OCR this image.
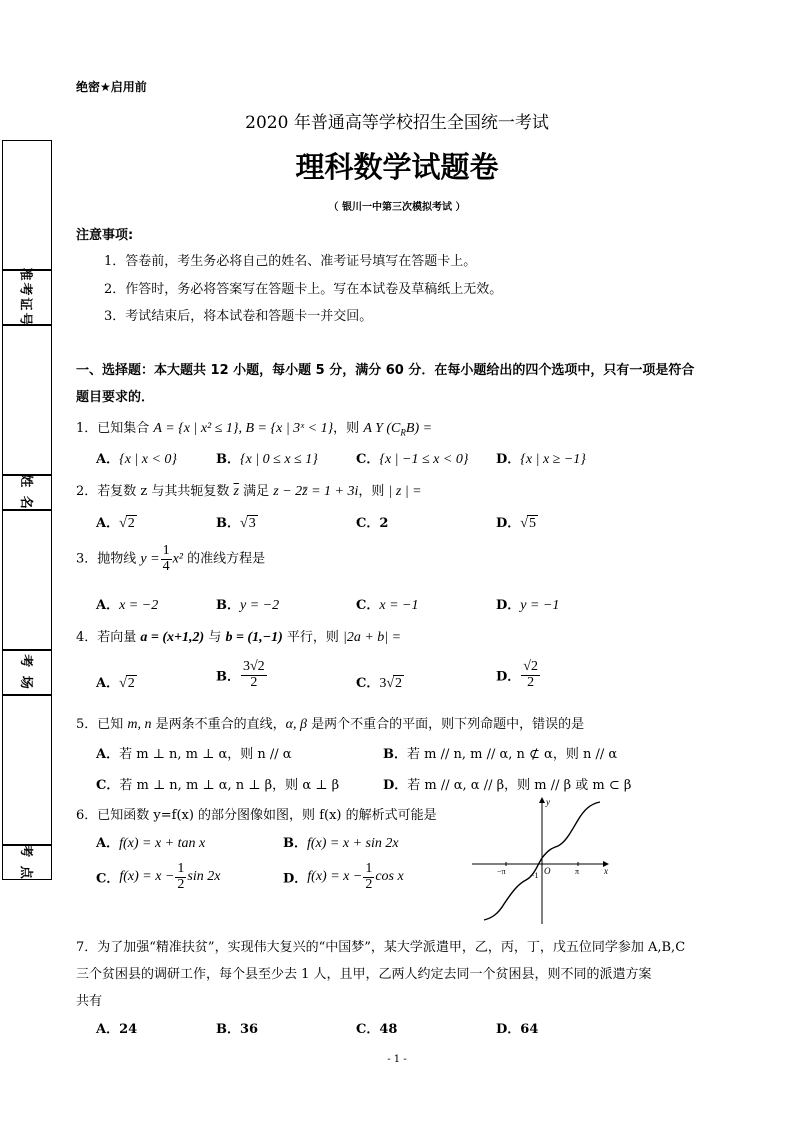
准考证号
姓 名
考 场
考 点
绝密★启用前
2020 年普通高等学校招生全国统一考试
理科数学试题卷
（ 银川一中第三次模拟考试 ）
注意事项:
1．答卷前，考生务必将自己的姓名、准考证号填写在答题卡上。
2．作答时，务必将答案写在答题卡上。写在本试卷及草稿纸上无效。
3．考试结束后，将本试卷和答题卡一并交回。
一、选择题：本大题共 12 小题，每小题 5 分，满分 60 分．在每小题给出的四个选项中，只有一项是符合
题目要求的．
1．已知集合 A = {x | x² ≤ 1}, B = {x | 3ˣ < 1}，则 A Y $(C_RB)$ =
A．{x | x < 0}	B．{x | 0 ≤ x ≤ 1}	C．{x | −1 ≤ x < 0} D．{x | x ≥ −1}
2．若复数 z 与其共轭复数 $\overline{z}$ 满足 z − 2z̄ = 1 + 3i，则 | z | =
A．√2	B．√3	C．2	D．√5
3．抛物线 $y = \frac{1}{4} x^2$ 的准线方程是
A．x = −2	B．y = −2	C．x = −1	D．y = −1
4．若向量 a = (x+1,2) 与 b = (1,−1) 平行，则 |2a + b| =
A．√2	B． $\frac{3√2}{2}$	C．3√2	D． $\frac{√2}{2}$
5．已知 m, n 是两条不重合的直线，α, β 是两个不重合的平面，则下列命题中，错误的是
A．若 m ⊥ n, m ⊥ α，则 n // α	B．若 m // n, m // α, n ⊄ α，则 n // α
C．若 m ⊥ n, m ⊥ α, n ⊥ β，则 α ⊥ β	D．若 m // α, α // β，则 m // β 或 m ⊂ β
6．已知函数 y=f(x) 的部分图像如图，则 f(x) 的解析式可能是
A．f(x) = x + tan x	B．f(x) = x + sin 2x
C．$f(x) = x - \frac{1}{2}$ sin 2x	D．$f(x) = x - \frac{1}{2}$ cos x
y
x
O
−π	π
−1
7．为了加强“精准扶贫”，实现伟大复兴的“中国梦”，某大学派遣甲，乙，丙，丁，戊五位同学参加 A,B,C
三个贫困县的调研工作，每个县至少去 1 人，且甲，乙两人约定去同一个贫困县，则不同的派遣方案
共有
A．24	B．36	C．48	D．64
- 1 -
